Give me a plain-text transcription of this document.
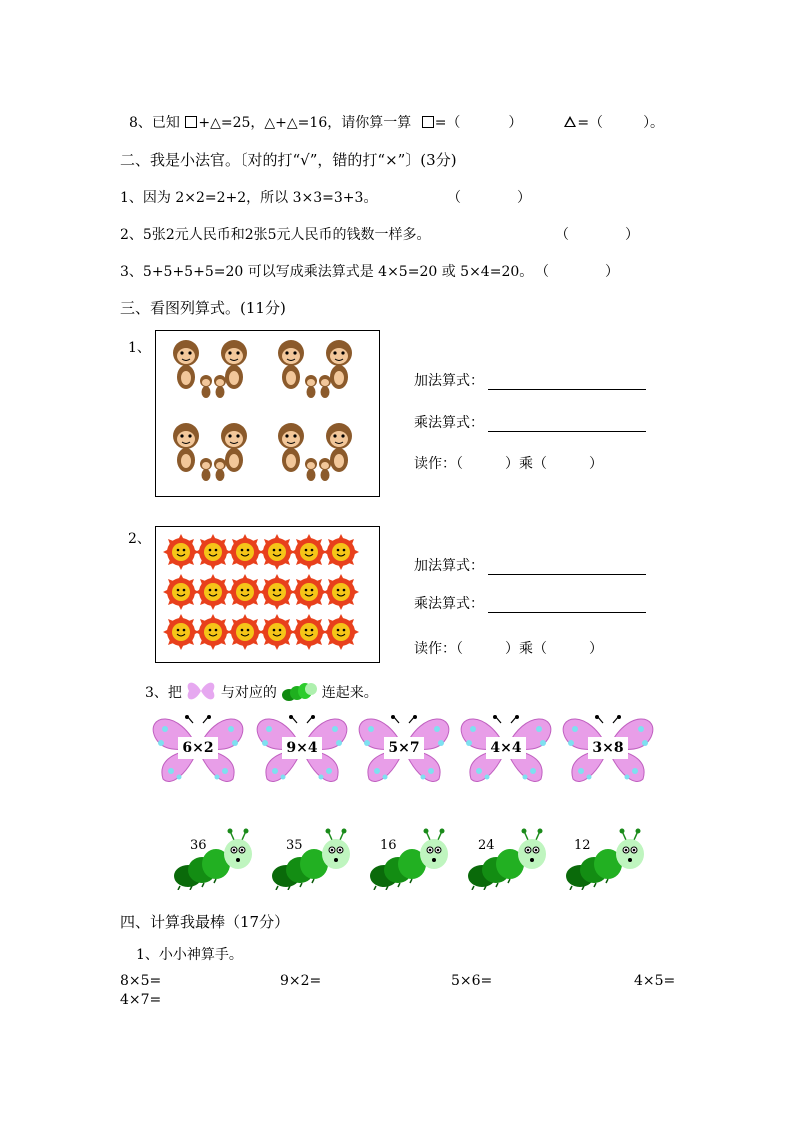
8、已知 +△=25，△+△=16，请你算一算 =（	）	=（	）。
二、我是小法官。〔对的打“√”，错的打“×”〕(3分)
1、因为 2×2=2+2，所以 3×3=3+3。	（　　　　）
2、5张2元人民币和2张5元人民币的钱数一样多。	（　　　　）
3、5+5+5+5=20 可以写成乘法算式是 4×5=20 或 5×4=20。 （　　　　）
三、看图列算式。(11分)
1、
加法算式：
乘法算式：
读作：（　　　）乘（　　　）
2、
加法算式：
乘法算式：
读作：（　　　）乘（　　　）
3、把	与对应的	连起来。
6×2	9×4	5×7	4×4	3×8
36	35	16	24	12
四、计算我最棒（17分）
1、小小神算手。
8×5=	9×2=	5×6=	4×5=
4×7=
